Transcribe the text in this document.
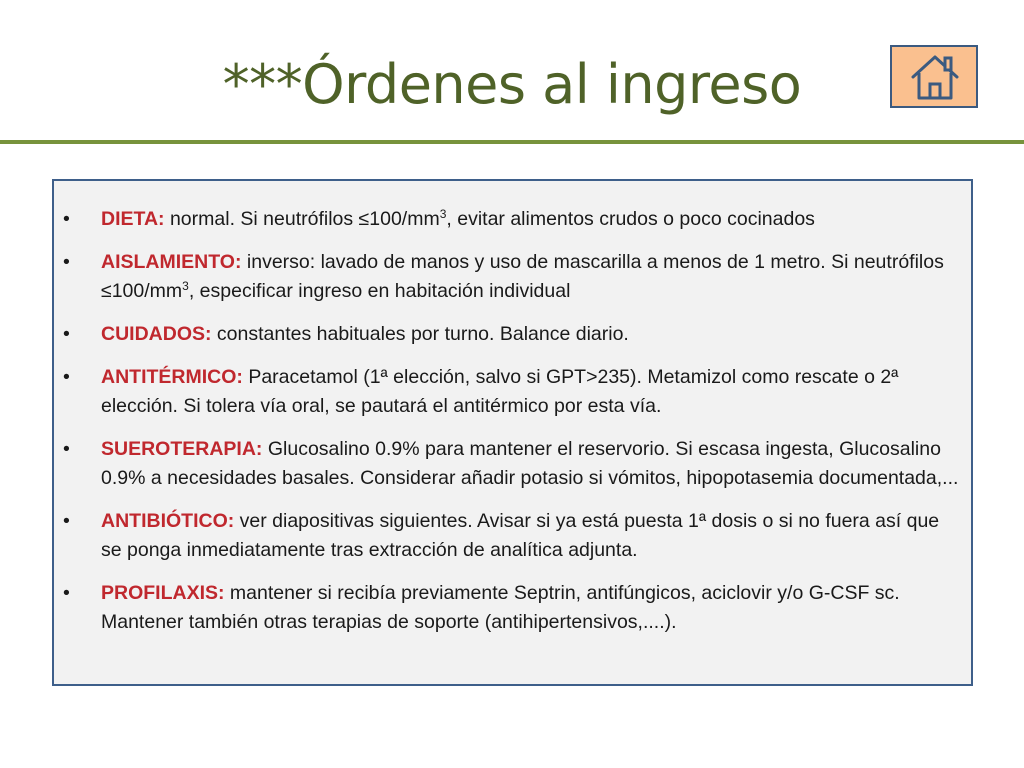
***Órdenes al ingreso
• DIETA: normal. Si neutrófilos $\le 100/mm^3$, evitar alimentos crudos o poco cocinados
• AISLAMIENTO: inverso: lavado de manos y uso de mascarilla a menos de 1 metro. Si neutrófilos $\le 100/mm^3$, especificar ingreso en habitación individual
• CUIDADOS: constantes habituales por turno. Balance diario.
• ANTITÉRMICO: Paracetamol (1ª elección, salvo si GPT>235). Metamizol como rescate o 2ª elección. Si tolera vía oral, se pautará el antitérmico por esta vía.
• SUEROTERAPIA: Glucosalino 0.9% para mantener el reservorio. Si escasa ingesta, Glucosalino 0.9% a necesidades basales. Considerar añadir potasio si vómitos, hipopotasemia documentada,...
• ANTIBIÓTICO: ver diapositivas siguientes. Avisar si ya está puesta 1ª dosis o si no fuera así que se ponga inmediatamente tras extracción de analítica adjunta.
• PROFILAXIS: mantener si recibía previamente Septrin, antifúngicos, aciclovir y/o G-CSF sc. Mantener también otras terapias de soporte (antihipertensivos,....).
